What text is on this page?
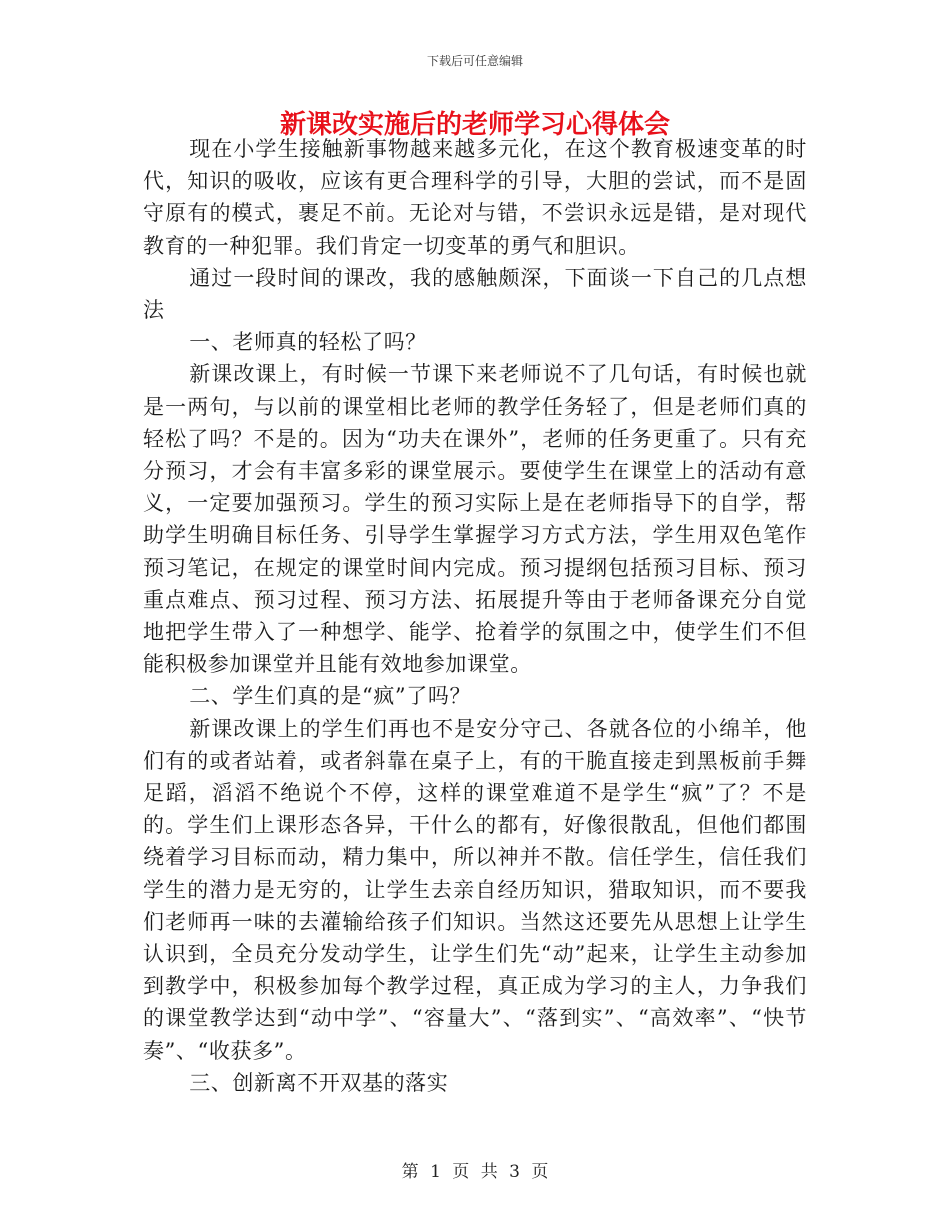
下载后可任意编辑
新课改实施后的老师学习心得体会

现在小学生接触新事物越来越多元化，在这个教育极速变革的时代，知识的吸收，应该有更合理科学的引导，大胆的尝试，而不是固守原有的模式，裹足不前。无论对与错，不尝识永远是错，是对现代教育的一种犯罪。我们肯定一切变革的勇气和胆识。

通过一段时间的课改，我的感触颇深，下面谈一下自己的几点想法

一、老师真的轻松了吗？

新课改课上，有时候一节课下来老师说不了几句话，有时候也就是一两句，与以前的课堂相比老师的教学任务轻了，但是老师们真的轻松了吗？不是的。因为“功夫在课外”，老师的任务更重了。只有充分预习，才会有丰富多彩的课堂展示。要使学生在课堂上的活动有意义，一定要加强预习。学生的预习实际上是在老师指导下的自学，帮助学生明确目标任务、引导学生掌握学习方式方法，学生用双色笔作预习笔记，在规定的课堂时间内完成。预习提纲包括预习目标、预习重点难点、预习过程、预习方法、拓展提升等由于老师备课充分自觉地把学生带入了一种想学、能学、抢着学的氛围之中，使学生们不但能积极参加课堂并且能有效地参加课堂。

二、学生们真的是“疯”了吗？

新课改课上的学生们再也不是安分守己、各就各位的小绵羊，他们有的或者站着，或者斜靠在桌子上，有的干脆直接走到黑板前手舞足蹈，滔滔不绝说个不停，这样的课堂难道不是学生“疯”了？不是的。学生们上课形态各异，干什么的都有，好像很散乱，但他们都围绕着学习目标而动，精力集中，所以神并不散。信任学生，信任我们学生的潜力是无穷的，让学生去亲自经历知识，猎取知识，而不要我们老师再一味的去灌输给孩子们知识。当然这还要先从思想上让学生认识到，全员充分发动学生，让学生们先“动”起来，让学生主动参加到教学中，积极参加每个教学过程，真正成为学习的主人，力争我们的课堂教学达到“动中学”、“容量大”、“落到实”、“高效率”、“快节奏”、“收获多”。

三、创新离不开双基的落实

第 1 页 共 3 页
